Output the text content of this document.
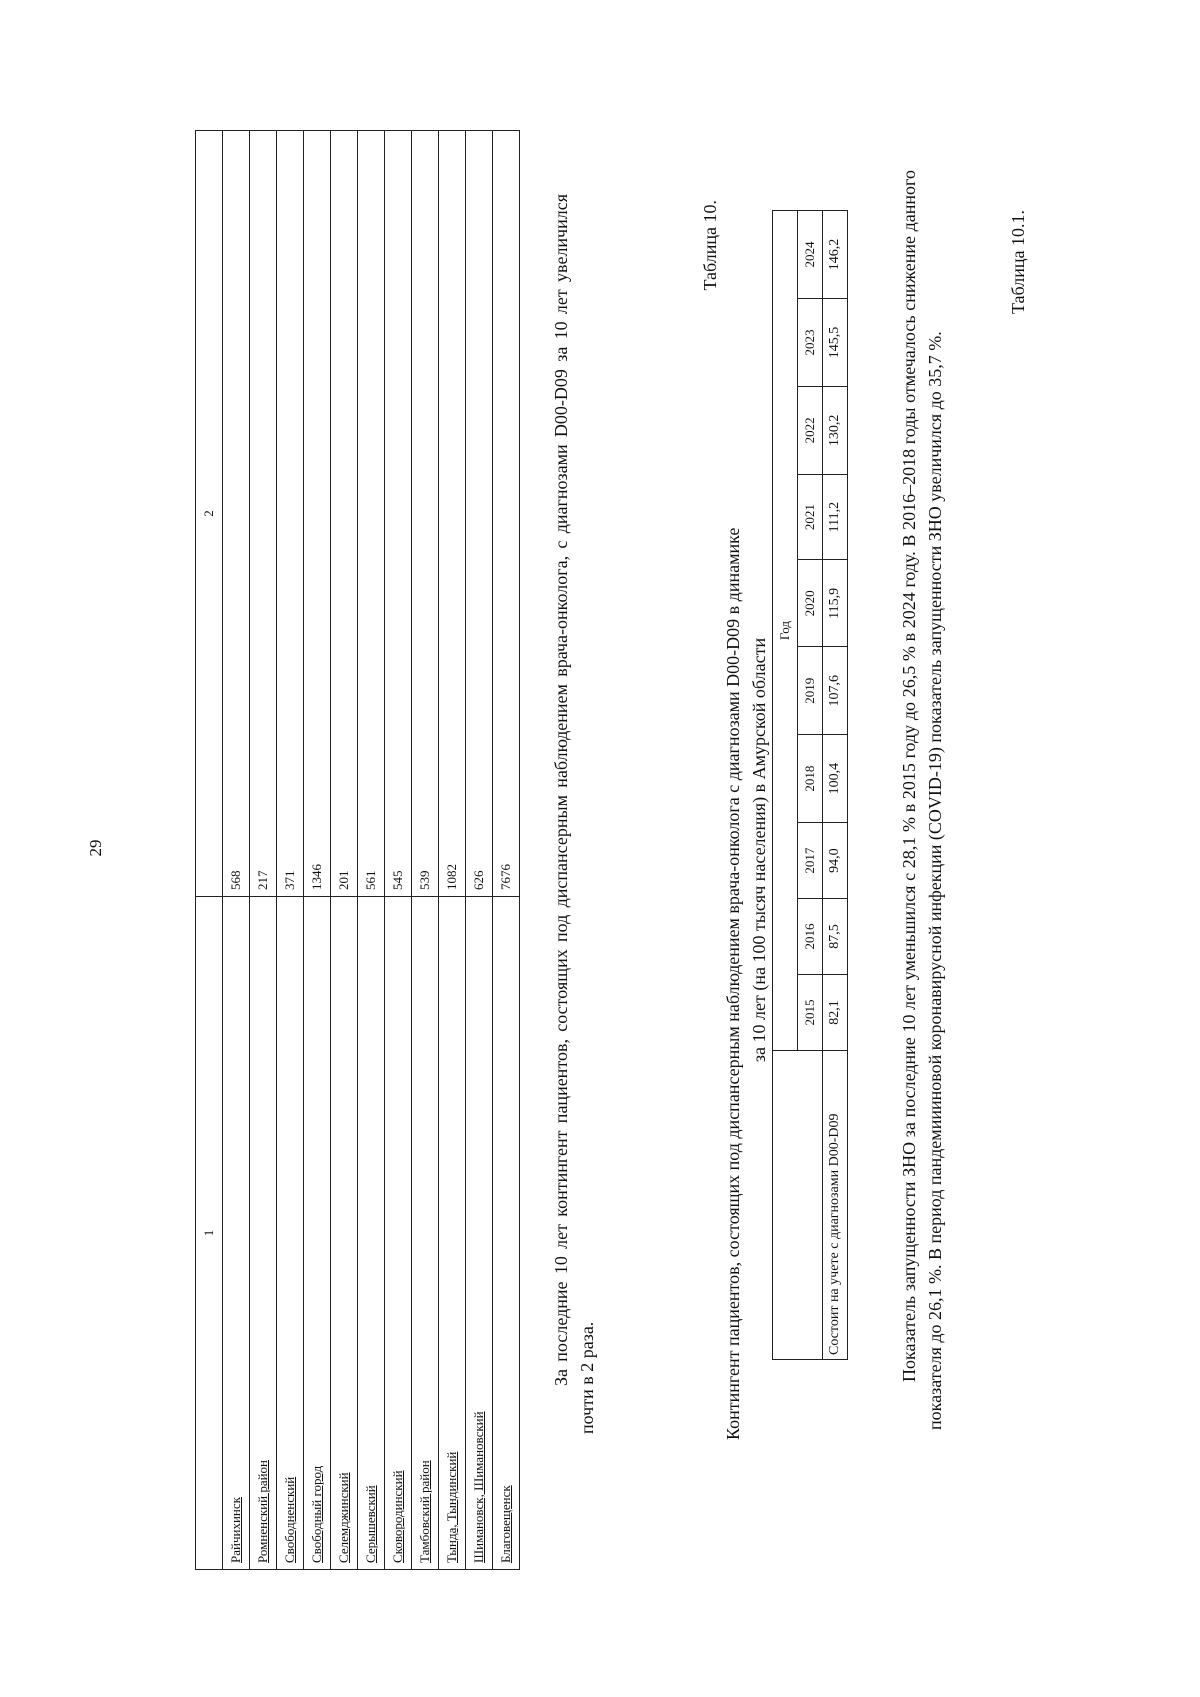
29
1	2
Райчихинск	568
Ромненский район	217
Свободненский	371
Свободный город	1346
Селемджинский	201
Серышевский	561
Сковородинский	545
Тамбовский район	539
Тында, Тындинский	1082
Шимановск, Шимановский	626
Благовещенск	7676 За последние 10 лет контингент пациентов, состоящих под диспансерным наблюдением врача-онколога, с диагнозами D00-D09 за 10 лет увеличился почти в 2 раза.
Таблица 10.
Контингент пациентов, состоящих под диспансерным наблюдением врача-онколога с диагнозами D00-D09 в динамике за 10 лет (на 100 тысяч населения) в Амурской области
	Год									
	2015	2016	2017	2018	2019	2020	2021	2022	2023	2024
Состоит на учете с диагнозами D00-D09	82,1	87,5	94,0	100,4	107,6	115,9	111,2	130,2	145,5	146,2	Показатель запущенности ЗНО за последние 10 лет уменьшился с 28,1 % в 2015 году до 26,5 % в 2024 году. В 2016–2018 годы отмечалось снижение данного показателя до 26,1 %. В период пандемиииновой коронавирусной инфекции (COVID-19) показатель запущенности ЗНО увеличился до 35,7 %.
Таблица 10.1.
